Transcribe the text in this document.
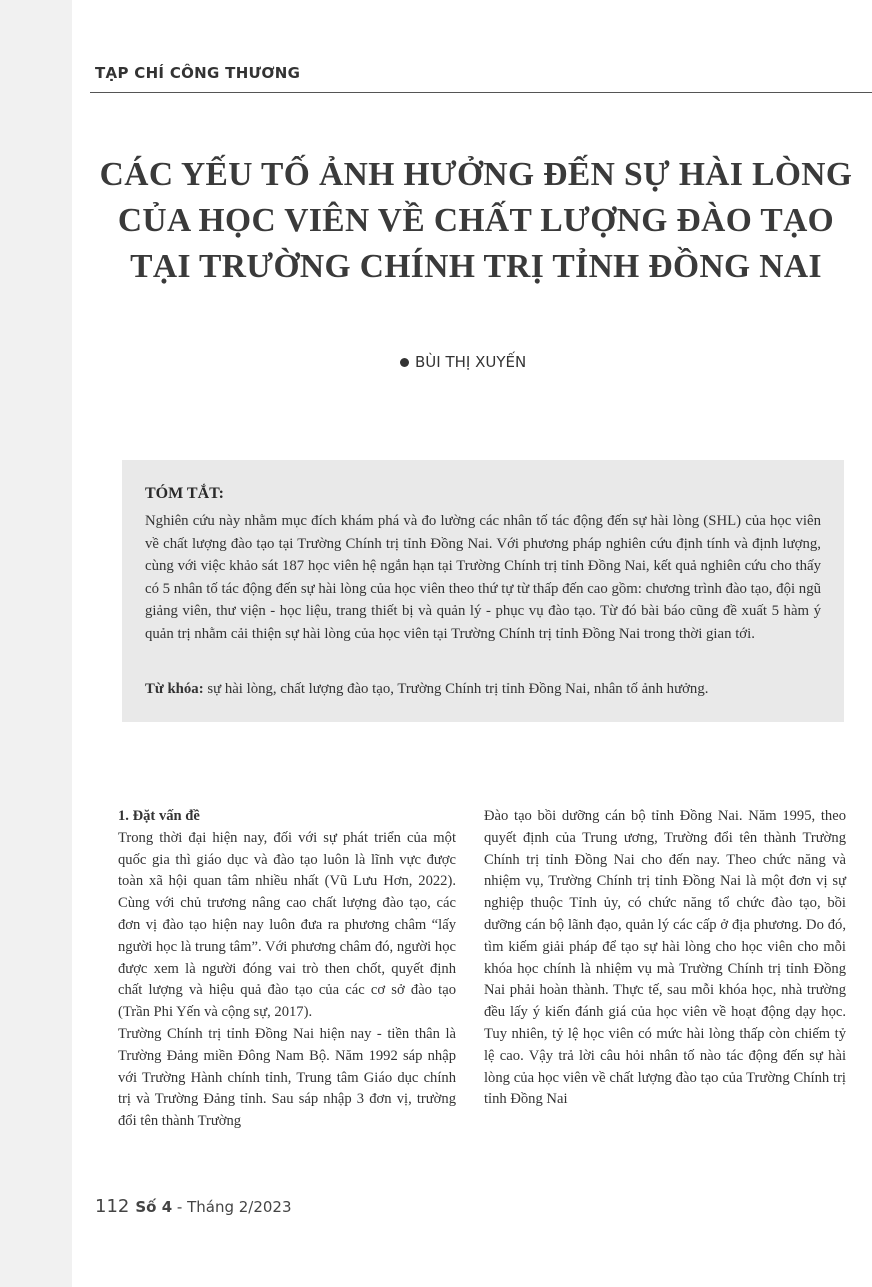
TẠP CHÍ CÔNG THƯƠNG
CÁC YẾU TỐ ẢNH HƯỞNG ĐẾN SỰ HÀI LÒNG
CỦA HỌC VIÊN VỀ CHẤT LƯỢNG ĐÀO TẠO
TẠI TRƯỜNG CHÍNH TRỊ TỈNH ĐỒNG NAI
BÙI THỊ XUYẾN
TÓM TẮT:

Nghiên cứu này nhằm mục đích khám phá và đo lường các nhân tố tác động đến sự hài lòng (SHL) của học viên về chất lượng đào tạo tại Trường Chính trị tỉnh Đồng Nai. Với phương pháp nghiên cứu định tính và định lượng, cùng với việc khảo sát 187 học viên hệ ngắn hạn tại Trường Chính trị tỉnh Đồng Nai, kết quả nghiên cứu cho thấy có 5 nhân tố tác động đến sự hài lòng của học viên theo thứ tự từ thấp đến cao gồm: chương trình đào tạo, đội ngũ giảng viên, thư viện - học liệu, trang thiết bị và quản lý - phục vụ đào tạo. Từ đó bài báo cũng đề xuất 5 hàm ý quản trị nhằm cải thiện sự hài lòng của học viên tại Trường Chính trị tỉnh Đồng Nai trong thời gian tới.

Từ khóa: sự hài lòng, chất lượng đào tạo, Trường Chính trị tỉnh Đồng Nai, nhân tố ảnh hưởng.
1. Đặt vấn đề

Trong thời đại hiện nay, đối với sự phát triển của một quốc gia thì giáo dục và đào tạo luôn là lĩnh vực được toàn xã hội quan tâm nhiều nhất (Vũ Lưu Hơn, 2022). Cùng với chủ trương nâng cao chất lượng đào tạo, các đơn vị đào tạo hiện nay luôn đưa ra phương châm “lấy người học là trung tâm”. Với phương châm đó, người học được xem là người đóng vai trò then chốt, quyết định chất lượng và hiệu quả đào tạo của các cơ sở đào tạo (Trần Phi Yến và cộng sự, 2017).

Trường Chính trị tỉnh Đồng Nai hiện nay - tiền thân là Trường Đảng miền Đông Nam Bộ. Năm 1992 sáp nhập với Trường Hành chính tỉnh, Trung tâm Giáo dục chính trị và Trường Đảng tỉnh. Sau sáp nhập 3 đơn vị, trường đổi tên thành Trường

Đào tạo bồi dưỡng cán bộ tỉnh Đồng Nai. Năm 1995, theo quyết định của Trung ương, Trường đổi tên thành Trường Chính trị tỉnh Đồng Nai cho đến nay. Theo chức năng và nhiệm vụ, Trường Chính trị tỉnh Đồng Nai là một đơn vị sự nghiệp thuộc Tỉnh ủy, có chức năng tổ chức đào tạo, bồi dưỡng cán bộ lãnh đạo, quản lý các cấp ở địa phương. Do đó, tìm kiếm giải pháp để tạo sự hài lòng cho học viên cho mỗi khóa học chính là nhiệm vụ mà Trường Chính trị tỉnh Đồng Nai phải hoàn thành. Thực tế, sau mỗi khóa học, nhà trường đều lấy ý kiến đánh giá của học viên về hoạt động dạy học. Tuy nhiên, tỷ lệ học viên có mức hài lòng thấp còn chiếm tỷ lệ cao. Vậy trả lời câu hỏi nhân tố nào tác động đến sự hài lòng của học viên về chất lượng đào tạo của Trường Chính trị tỉnh Đồng Nai

112 Số 4 - Tháng 2/2023
